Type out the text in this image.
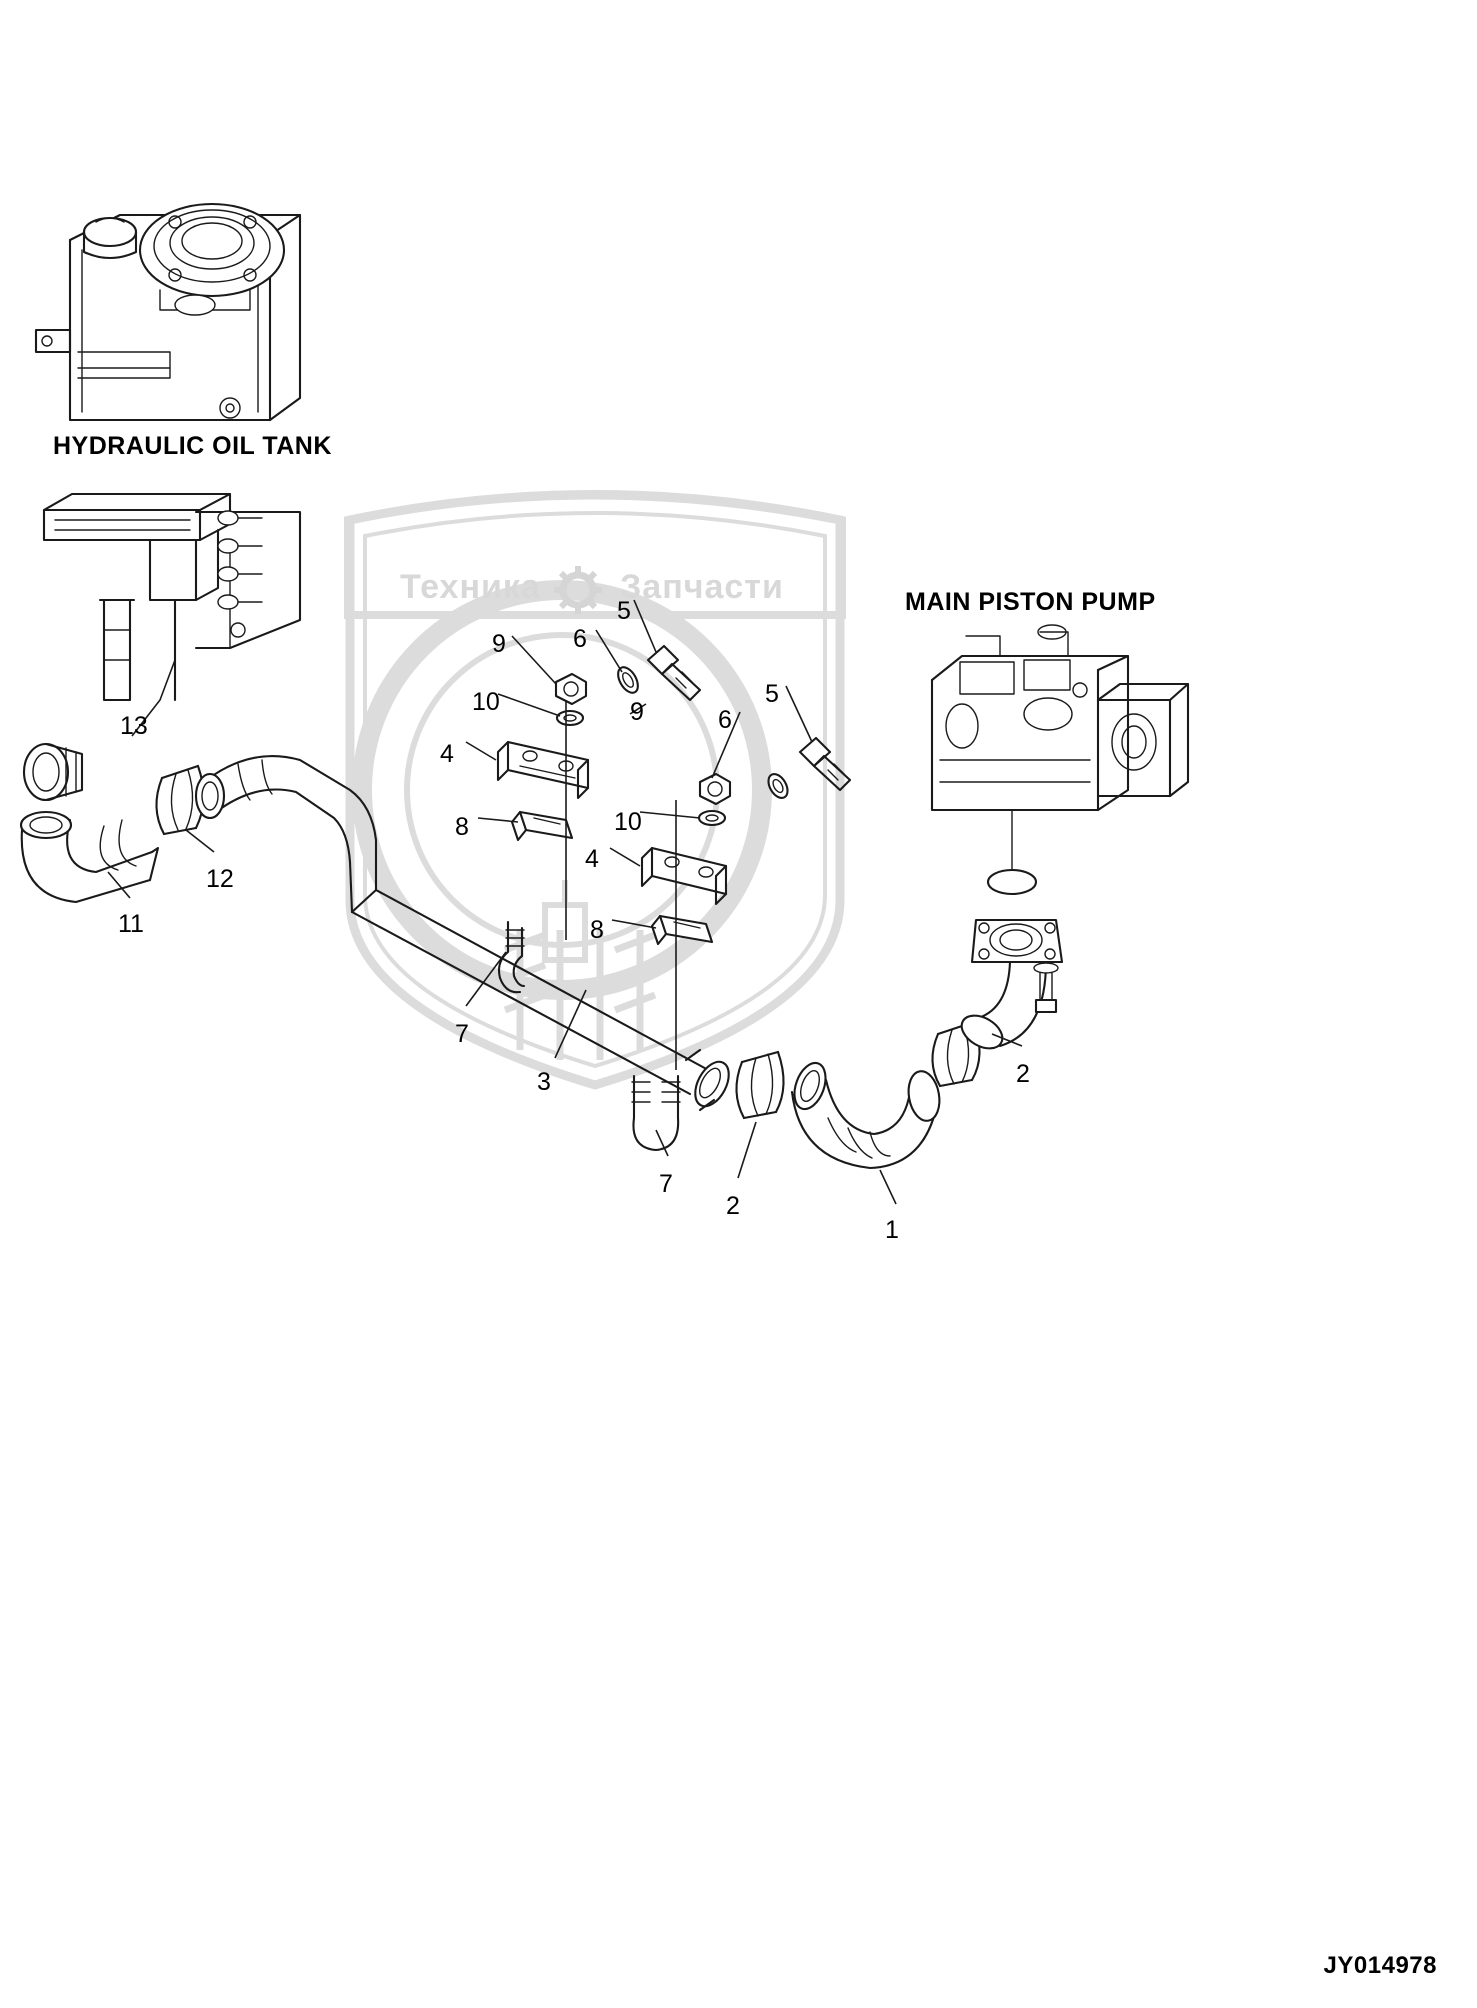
Техника Запчасти
HYDRAULIC OIL TANK
MAIN PISTON PUMP
1
2
2
3
4
4
5
5
6
6
7
7
8
8
9
9
10
10
11
12
13
JY014978
